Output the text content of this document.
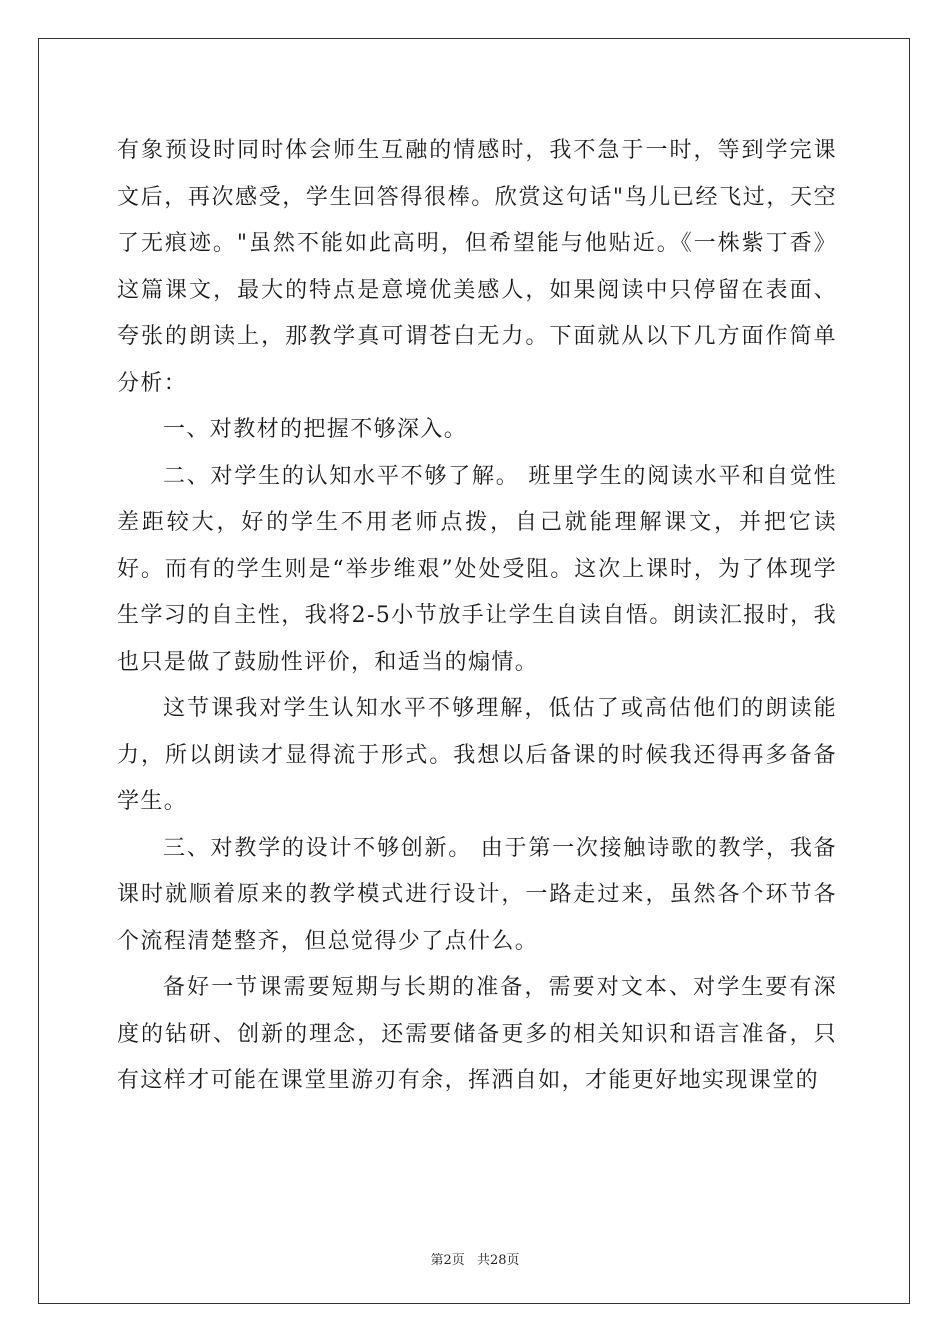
有象预设时同时体会师生互融的情感时，我不急于一时，等到学完课文后，再次感受，学生回答得很棒。欣赏这句话"鸟儿已经飞过，天空了无痕迹。"虽然不能如此高明，但希望能与他贴近。《一株紫丁香》这篇课文，最大的特点是意境优美感人，如果阅读中只停留在表面、夸张的朗读上，那教学真可谓苍白无力。下面就从以下几方面作简单分析：

一、对教材的把握不够深入。

二、对学生的认知水平不够了解。 班里学生的阅读水平和自觉性差距较大，好的学生不用老师点拨，自己就能理解课文，并把它读好。而有的学生则是“举步维艰”处处受阻。这次上课时，为了体现学生学习的自主性，我将2-5小节放手让学生自读自悟。朗读汇报时，我也只是做了鼓励性评价，和适当的煽情。

这节课我对学生认知水平不够理解，低估了或高估他们的朗读能力，所以朗读才显得流于形式。我想以后备课的时候我还得再多备备学生。

三、对教学的设计不够创新。 由于第一次接触诗歌的教学，我备课时就顺着原来的教学模式进行设计，一路走过来，虽然各个环节各个流程清楚整齐，但总觉得少了点什么。

备好一节课需要短期与长期的准备，需要对文本、对学生要有深度的钻研、创新的理念，还需要储备更多的相关知识和语言准备，只有这样才可能在课堂里游刃有余，挥洒自如，才能更好地实现课堂的

第2页 共28页
